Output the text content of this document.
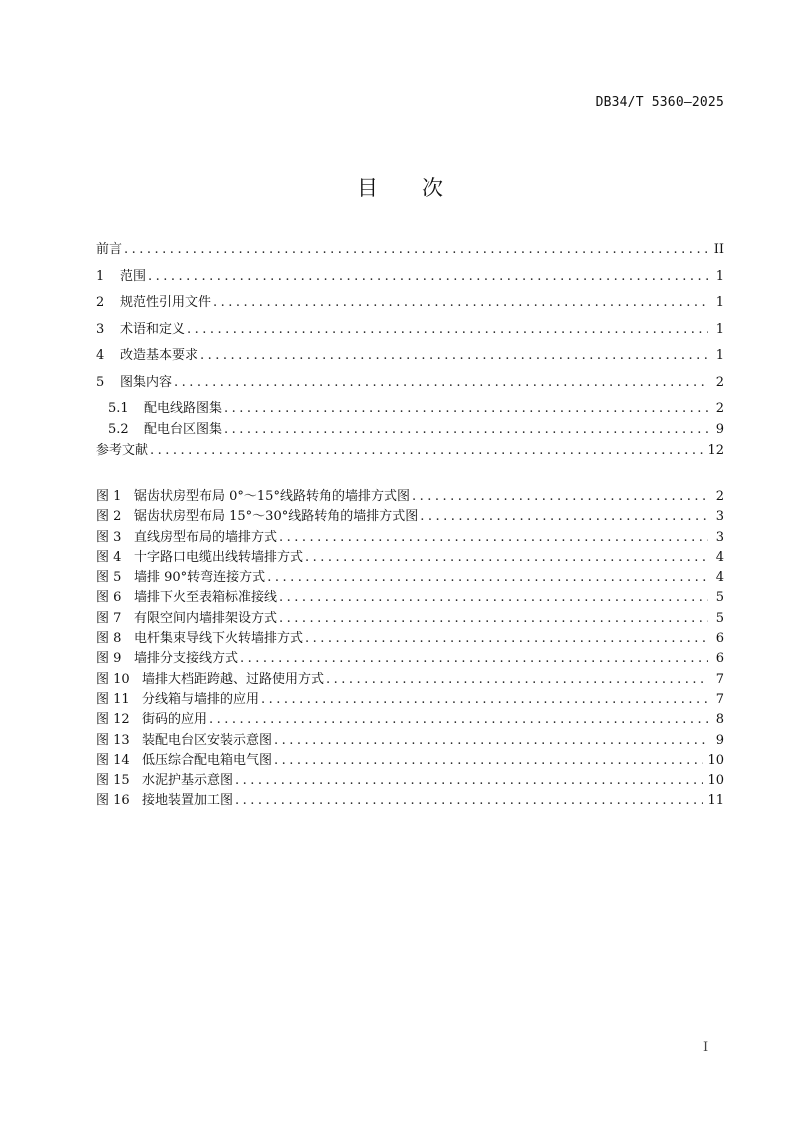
DB34/T 5360—2025
目 次
前言 .....	II
1	范围 .....	1
2	规范性引用文件 .....	1
3	术语和定义 .....	1
4	改造基本要求 .....	1
5	图集内容 .....	2
5.1	配电线路图集 .....	2
5.2	配电台区图集 .....	9
参考文献 .....	12
图 1 锯齿状房型布局 0°～15°线路转角的墙排方式图 .....	2
图 2 锯齿状房型布局 15°～30°线路转角的墙排方式图 .....	3
图 3 直线房型布局的墙排方式 .....	3
图 4 十字路口电缆出线转墙排方式 .....	4
图 5 墙排 90°转弯连接方式 .....	4
图 6 墙排下火至表箱标准接线 .....	5
图 7 有限空间内墙排架设方式 .....	5
图 8 电杆集束导线下火转墙排方式 .....	6
图 9 墙排分支接线方式 .....	6
图 10 墙排大档距跨越、过路使用方式 .....	7
图 11 分线箱与墙排的应用 .....	7
图 12 街码的应用 .....	8
图 13 装配电台区安装示意图 .....	9
图 14 低压综合配电箱电气图 .....	10
图 15 水泥护基示意图 .....	10
图 16 接地装置加工图 .....	11
I
